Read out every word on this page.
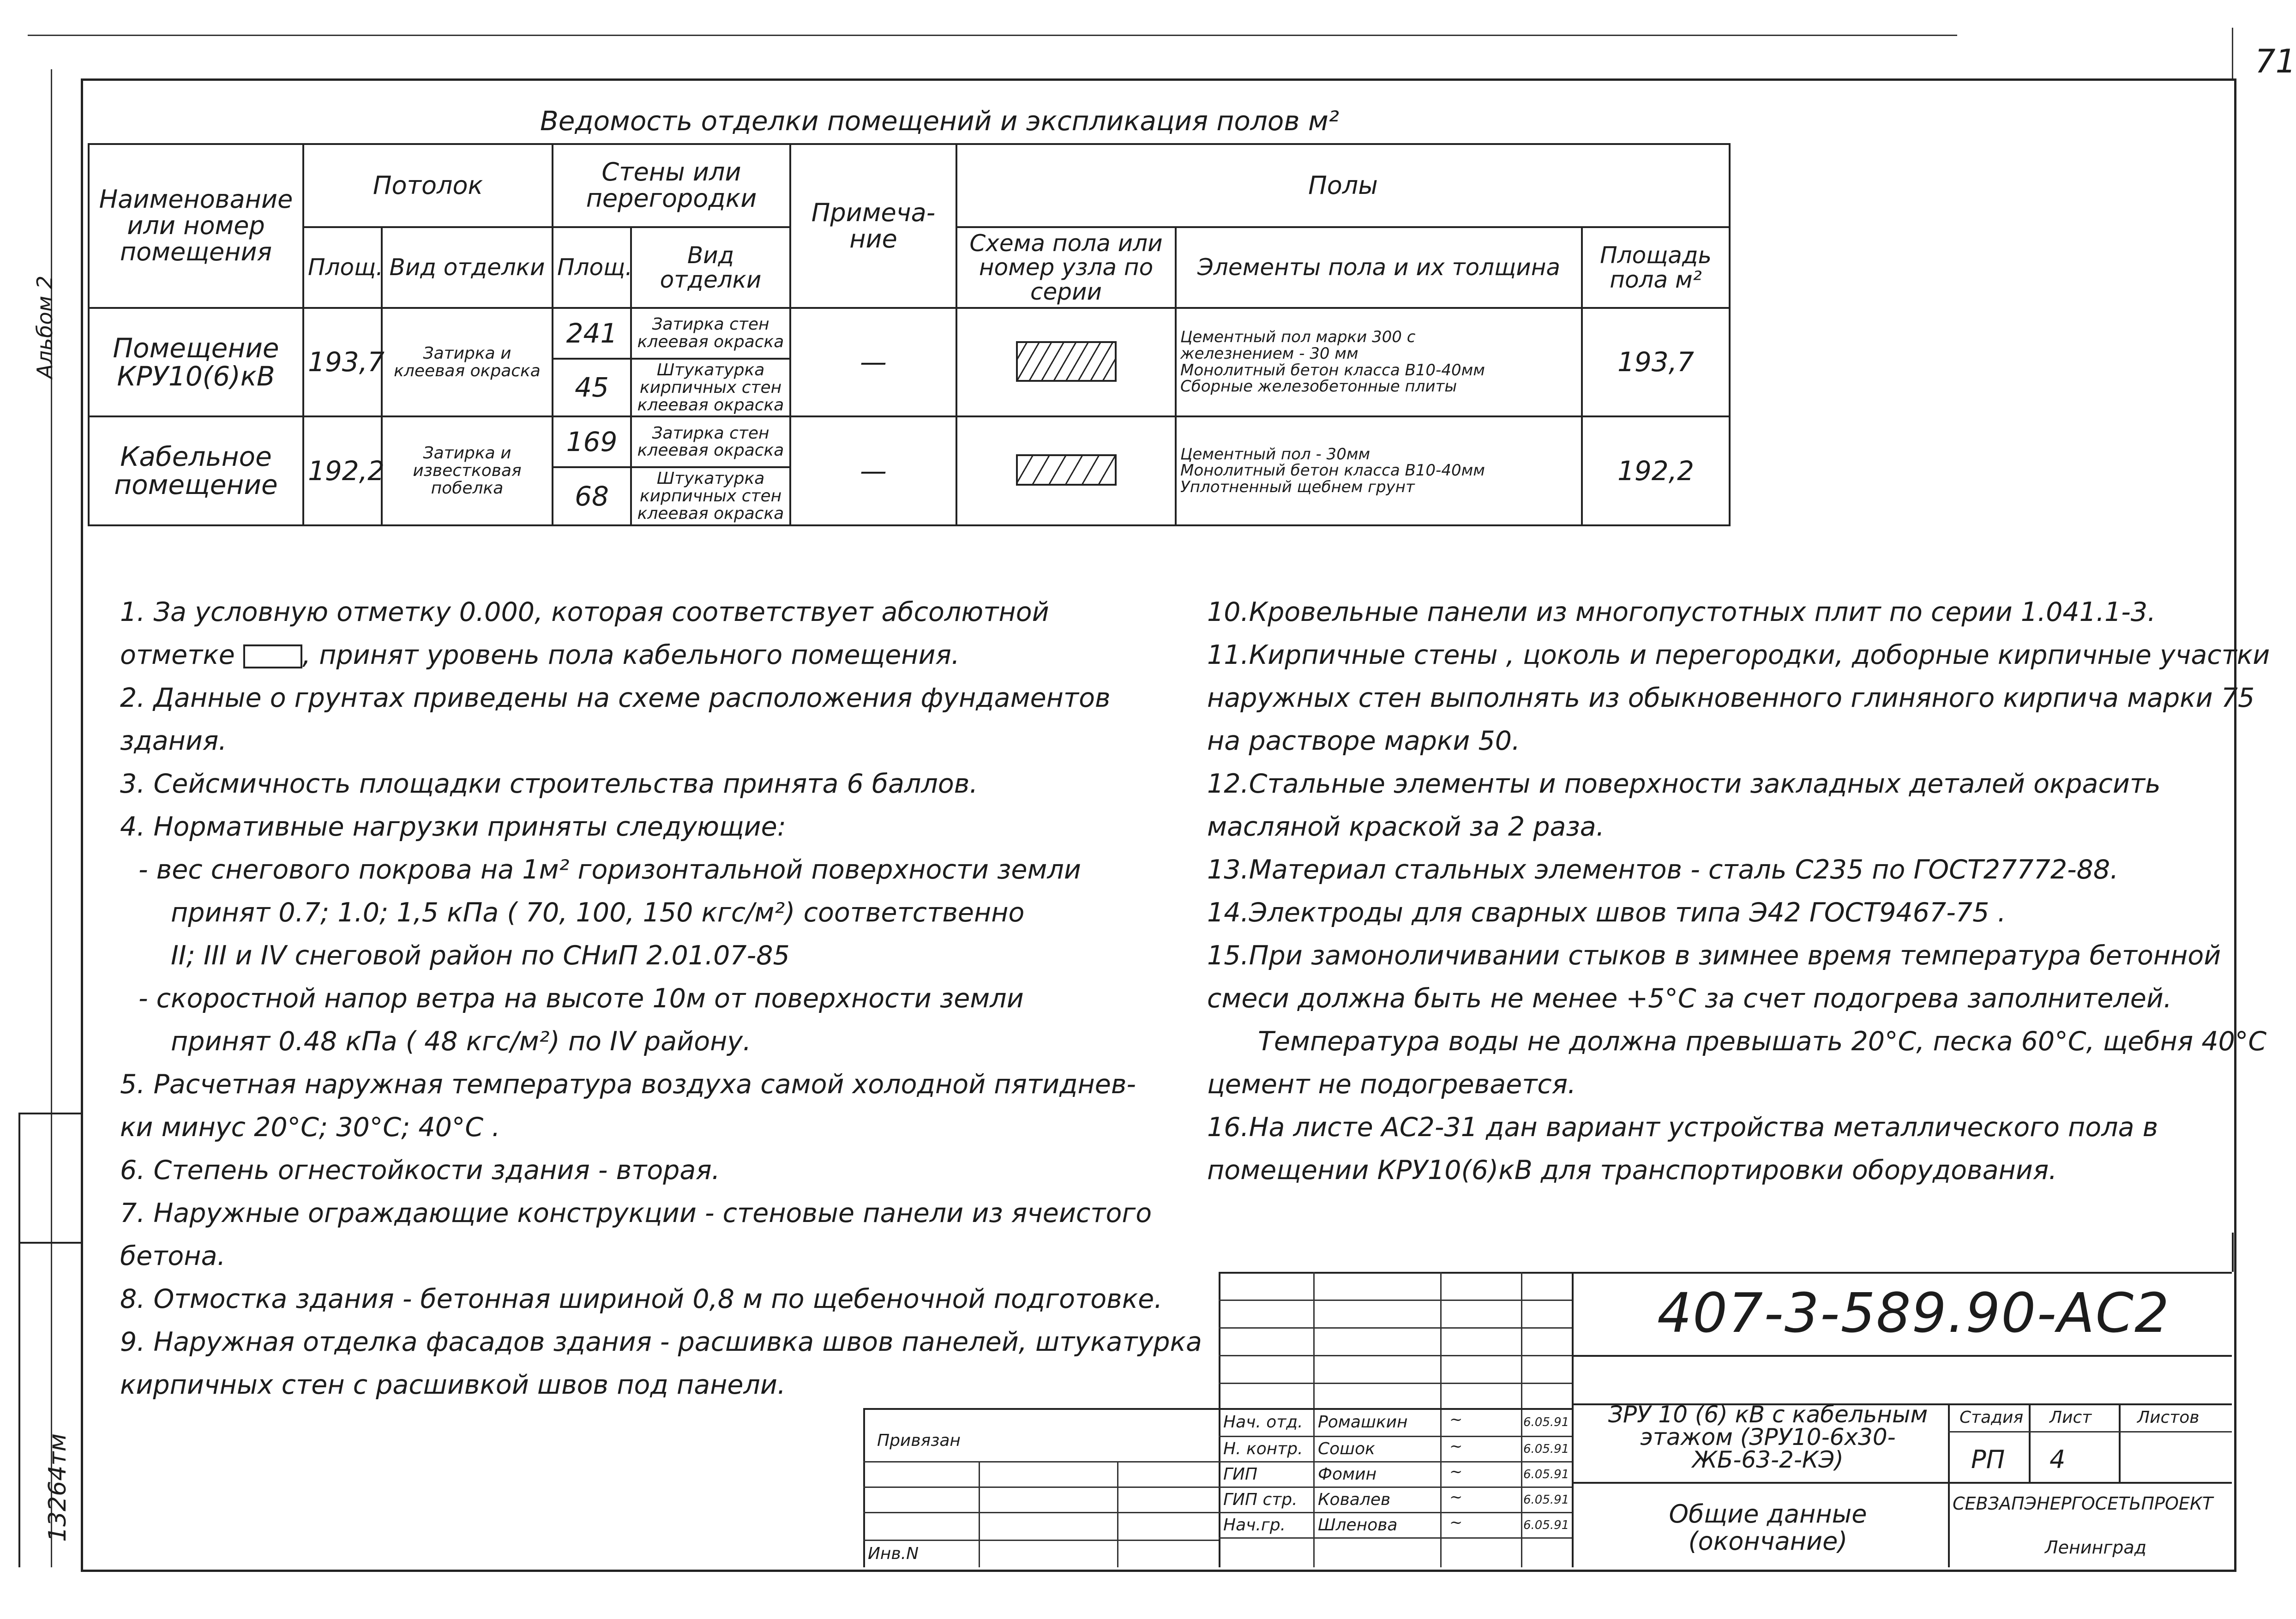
71
Альбом 2
13264тм
Ведомость отделки помещений и экспликация полов м²
Наименование или номер помещения	Потолок		Стены или перегородки		Примеча-ние	Полы		
	Площ.	Вид отделки	Площ.	Вид отделки		Схема пола или номер узла по серии	Элементы пола и их толщина	Площадь пола м²
Помещение КРУ10(6)кВ	193,7	Затирка и клеевая окраска	241	Затирка стен клеевая окраска	—		Цементный пол марки 300 с
железнением - 30 мм
Монолитный бетон класса В10-40мм
Сборные железобетонные плиты	193,7
			45	Штукатурка кирпичных стен клеевая окраска				
Кабельное помещение	192,2	Затирка и известковая побелка	169	Затирка стен клеевая окраска	—		Цементный пол - 30мм
Монолитный бетон класса В10-40мм
Уплотненный щебнем грунт	192,2
			68	Штукатурка кирпичных стен клеевая окраска				

1. За условную отметку 0.000, которая соответствует абсолютной

отметке	, принят уровень пола кабельного помещения.

2. Данные о грунтах приведены на схеме расположения фундаментов

здания.

3. Сейсмичность площадки строительства принята 6 баллов.

4. Нормативные нагрузки приняты следующие:

- вес снегового покрова на 1м² горизонтальной поверхности земли

принят 0.7; 1.0; 1,5 кПа ( 70, 100, 150 кгс/м²) соответственно

II; III и IV снеговой район по СНиП 2.01.07-85

- скоростной напор ветра на высоте 10м от поверхности земли

принят 0.48 кПа ( 48 кгс/м²) по IV району.

5. Расчетная наружная температура воздуха самой холодной пятиднев-

ки минус 20°С; 30°С; 40°С .

6. Степень огнестойкости здания - вторая.

7. Наружные ограждающие конструкции - стеновые панели из ячеистого

бетона.

8. Отмостка здания - бетонная шириной 0,8 м по щебеночной подготовке.

9. Наружная отделка фасадов здания - расшивка швов панелей, штукатурка

кирпичных стен с расшивкой швов под панели.

10.Кровельные панели из многопустотных плит по серии 1.041.1-3.

11.Кирпичные стены , цоколь и перегородки, доборные кирпичные участки

наружных стен выполнять из обыкновенного глиняного кирпича марки 75

на растворе марки 50.

12.Стальные элементы и поверхности закладных деталей окрасить

масляной краской за 2 раза.

13.Материал стальных элементов - сталь С235 по ГОСТ27772-88.

14.Электроды для сварных швов типа Э42 ГОСТ9467-75 .

15.При замоноличивании стыков в зимнее время температура бетонной

смеси должна быть не менее +5°С за счет подогрева заполнителей.

Температура воды не должна превышать 20°С, песка 60°С, щебня 40°С

цемент не подогревается.

16.На листе АС2-31 дан вариант устройства металлического пола в

помещении КРУ10(6)кВ для транспортировки оборудования.

Привязан
Инв.N
Нач. отд. Ромашкин	~	6.05.91
Н. контр. Сошок	~	6.05.91
ГИП	Фомин	~	6.05.91
ГИП стр. Ковалев	~	6.05.91
Нач.гр. Шленова	~	6.05.91
407-3-589.90-АС2
ЗРУ 10 (6) кВ с кабельным этажом (ЗРУ10-6х30-ЖБ-63-2-КЭ)
Общие данные (окончание)
Стадия Лист	Листов
РП 4
СЕВЗАПЭНЕРГОСЕТЬПРОЕКТ
Ленинград
